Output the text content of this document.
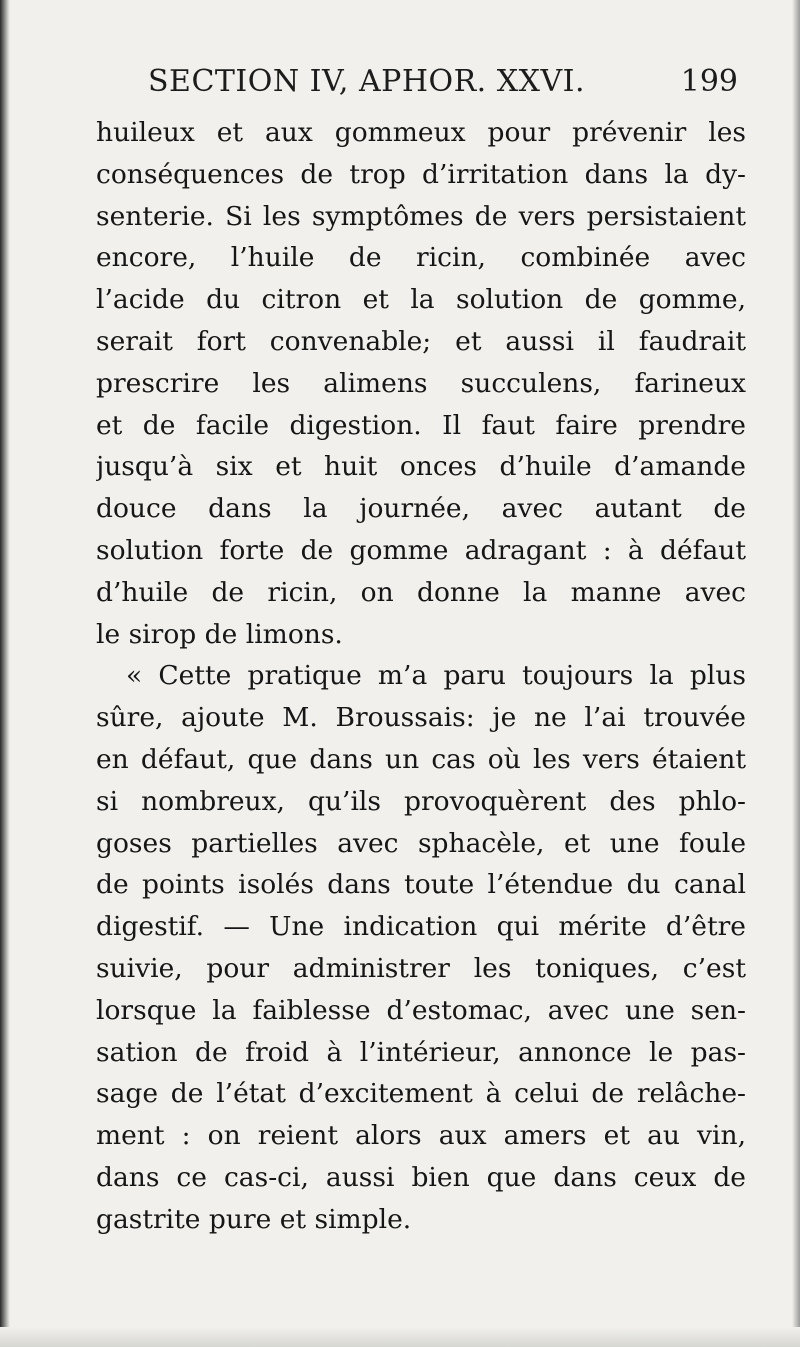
SECTION IV, APHOR. XXVI.	199
huileux et aux gommeux pour prévenir les
conséquences de trop d’irritation dans la dy-
senterie. Si les symptômes de vers persistaient
encore, l’huile de ricin, combinée avec
l’acide du citron et la solution de gomme,
serait fort convenable; et aussi il faudrait
prescrire les alimens succulens, farineux
et de facile digestion. Il faut faire prendre
jusqu’à six et huit onces d’huile d’amande
douce dans la journée, avec autant de
solution forte de gomme adragant : à défaut
d’huile de ricin, on donne la manne avec
le sirop de limons.
« Cette pratique m’a paru toujours la plus
sûre, ajoute M. Broussais: je ne l’ai trouvée
en défaut, que dans un cas où les vers étaient
si nombreux, qu’ils provoquèrent des phlo-
goses partielles avec sphacèle, et une foule
de points isolés dans toute l’étendue du canal
digestif. — Une indication qui mérite d’être
suivie, pour administrer les toniques, c’est
lorsque la faiblesse d’estomac, avec une sen-
sation de froid à l’intérieur, annonce le pas-
sage de l’état d’excitement à celui de relâche-
ment : on reient alors aux amers et au vin,
dans ce cas-ci, aussi bien que dans ceux de
gastrite pure et simple.
